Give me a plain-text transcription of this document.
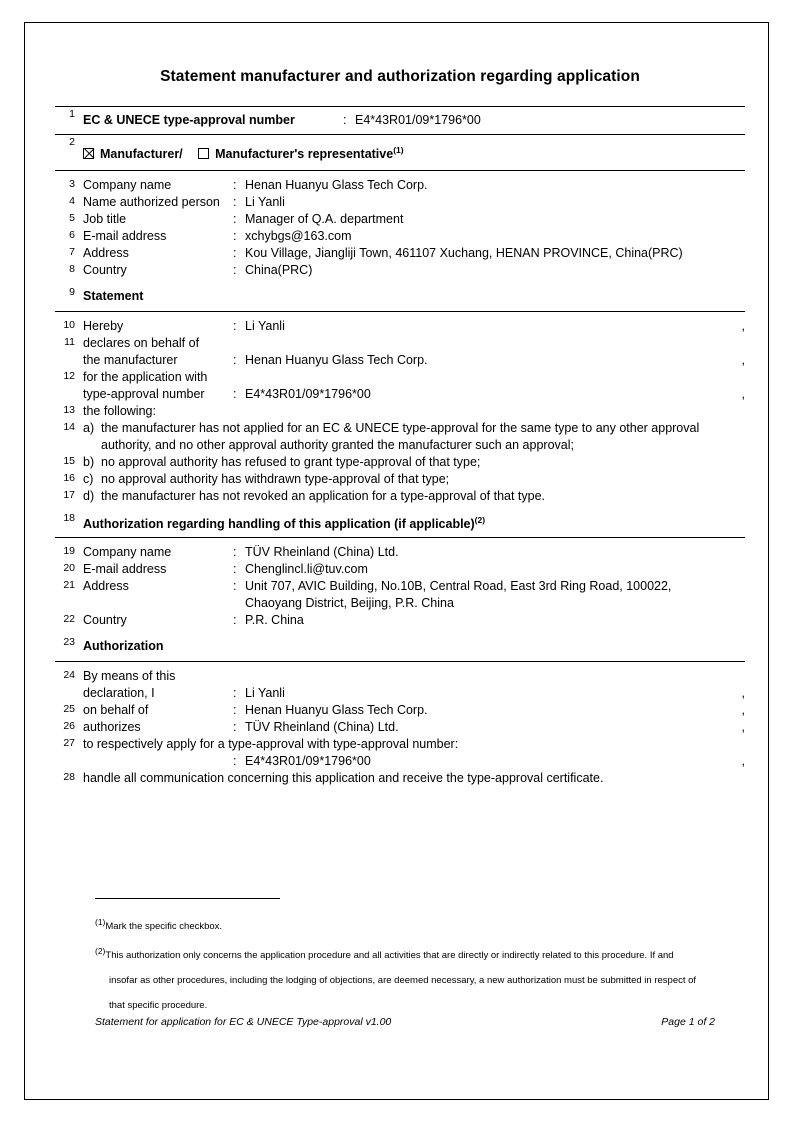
Statement manufacturer and authorization regarding application
1 EC & UNECE type-approval number	: E4*43R01/09*1796*00
2
Manufacturer/	Manufacturer's representative$^{(1)}$
3 Company name	: Henan Huanyu Glass Tech Corp.
4 Name authorized person	: Li Yanli
5 Job title	: Manager of Q.A. department
6 E-mail address	: xchybgs@163.com
7 Address	: Kou Village, Jiangliji Town, 461107 Xuchang, HENAN PROVINCE, China(PRC)
8 Country	: China(PRC)
9 Statement
10 Hereby	: Li Yanli	,
11 declares on behalf of
the manufacturer	: Henan Huanyu Glass Tech Corp.	,
12 for the application with
type-approval number	: E4*43R01/09*1796*00	,
13 the following:
14 a) the manufacturer has not applied for an EC & UNECE type-approval for the same type to any other approval
authority, and no other approval authority granted the manufacturer such an approval;
15 b) no approval authority has refused to grant type-approval of that type;
16 c) no approval authority has withdrawn type-approval of that type;
17 d) the manufacturer has not revoked an application for a type-approval of that type.
18 Authorization regarding handling of this application (if applicable)$^{(2)}$
19 Company name	: TÜV Rheinland (China) Ltd.
20 E-mail address	: Chenglincl.li@tuv.com
21 Address	: Unit 707, AVIC Building, No.10B, Central Road, East 3rd Ring Road, 100022,
Chaoyang District, Beijing, P.R. China
22 Country	: P.R. China
23 Authorization
24 By means of this
declaration, I	: Li Yanli	,
25 on behalf of	: Henan Huanyu Glass Tech Corp.	,
26 authorizes	: TÜV Rheinland (China) Ltd.	,
27 to respectively apply for a type-approval with type-approval number:
: E4*43R01/09*1796*00	,
28 handle all communication concerning this application and receive the type-approval certificate.

$^{(1)}$Mark the specific checkbox.

$^{(2)}$This authorization only concerns the application procedure and all activities that are directly or indirectly related to this procedure. If and

insofar as other procedures, including the lodging of objections, are deemed necessary, a new authorization must be submitted in respect of

that specific procedure.

Statement for application for EC & UNECE Type-approval v1.00	Page 1 of 2
